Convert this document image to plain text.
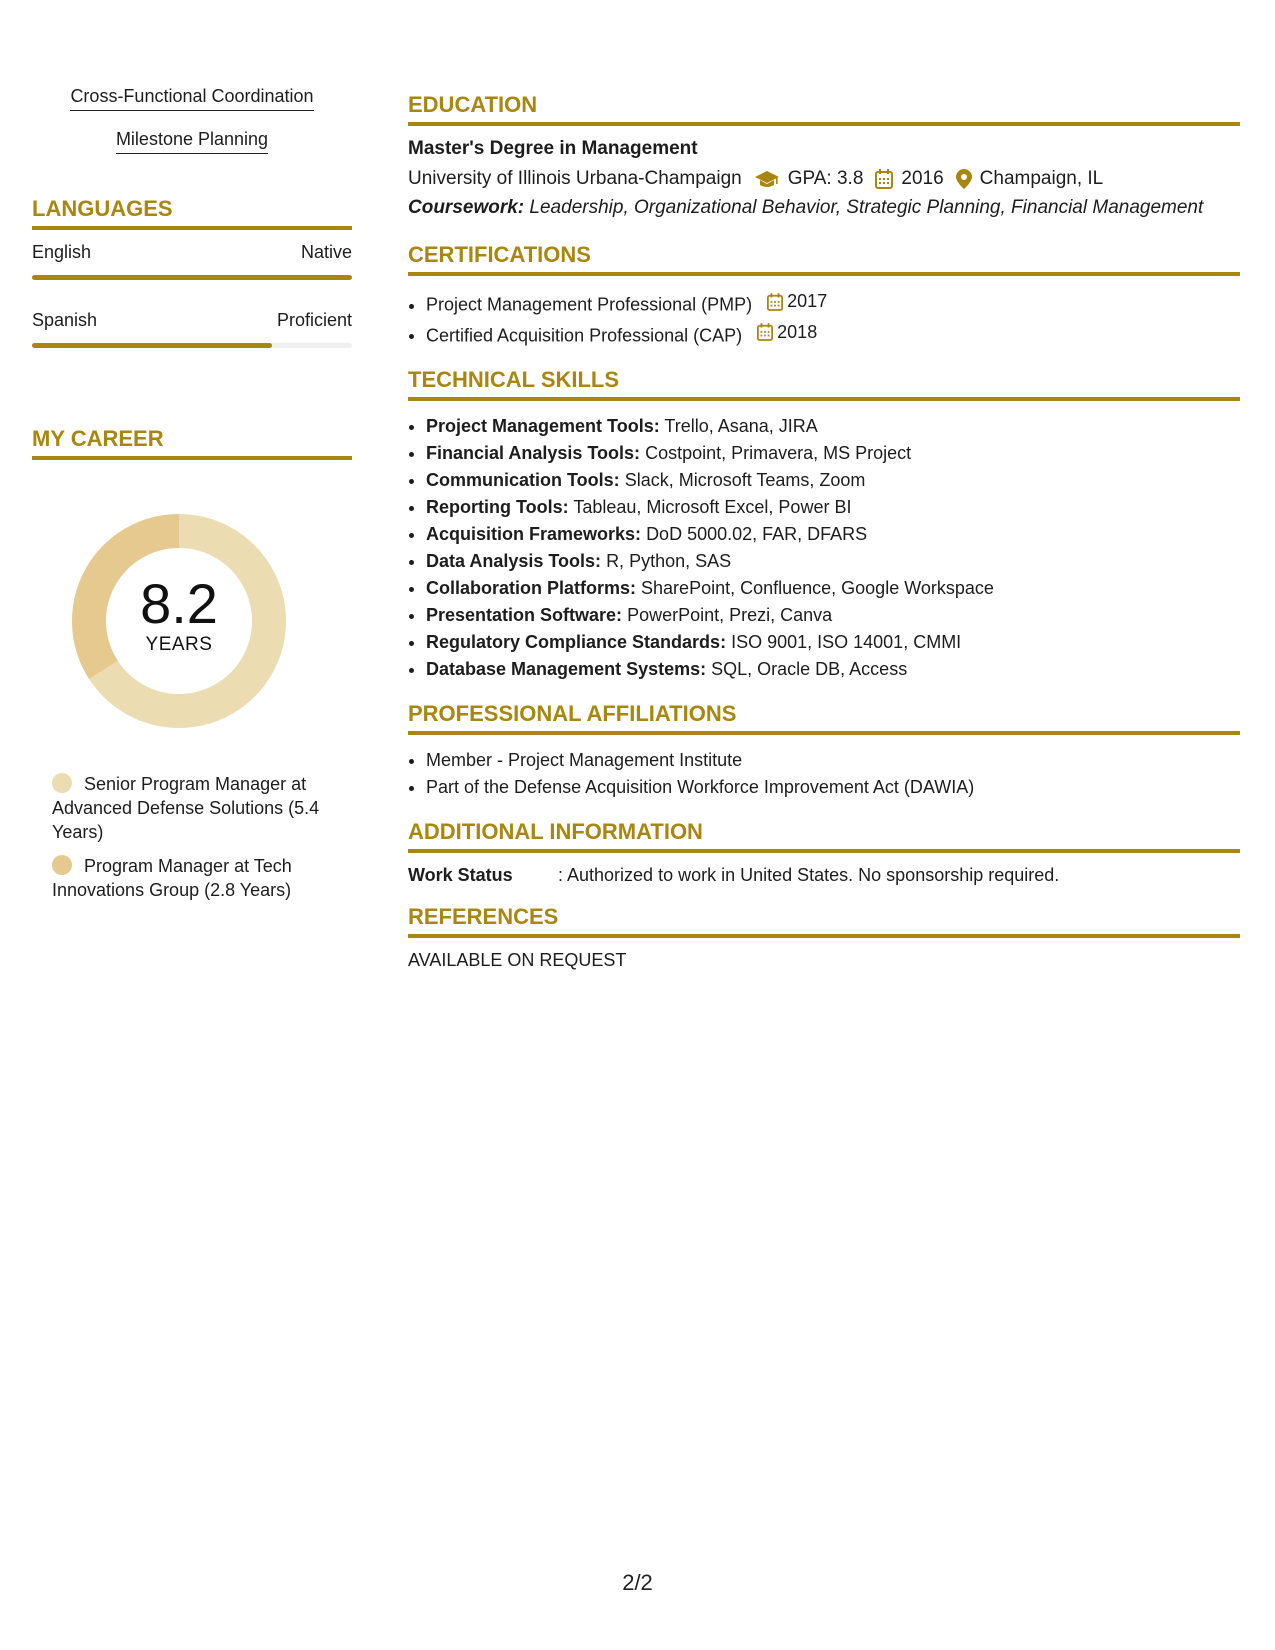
Cross-Functional Coordination
Milestone Planning
LANGUAGES
English	Native
Spanish	Proficient
MY CAREER
8.2
YEARS
Senior Program Manager at Advanced Defense Solutions (5.4 Years)
Program Manager at Tech Innovations Group (2.8 Years)
EDUCATION
Master's Degree in Management
University of Illinois Urbana-Champaign GPA: 3.8 2016 Champaign, IL
Coursework: Leadership, Organizational Behavior, Strategic Planning, Financial Management
CERTIFICATIONS
• Project Management Professional (PMP) 2017
• Certified Acquisition Professional (CAP) 2018
TECHNICAL SKILLS
• Project Management Tools: Trello, Asana, JIRA
• Financial Analysis Tools: Costpoint, Primavera, MS Project
• Communication Tools: Slack, Microsoft Teams, Zoom
• Reporting Tools: Tableau, Microsoft Excel, Power BI
• Acquisition Frameworks: DoD 5000.02, FAR, DFARS
• Data Analysis Tools: R, Python, SAS
• Collaboration Platforms: SharePoint, Confluence, Google Workspace
• Presentation Software: PowerPoint, Prezi, Canva
• Regulatory Compliance Standards: ISO 9001, ISO 14001, CMMI
• Database Management Systems: SQL, Oracle DB, Access
PROFESSIONAL AFFILIATIONS
• Member - Project Management Institute
• Part of the Defense Acquisition Workforce Improvement Act (DAWIA)
ADDITIONAL INFORMATION
Work Status	: Authorized to work in United States. No sponsorship required.
REFERENCES
AVAILABLE ON REQUEST
2/2
